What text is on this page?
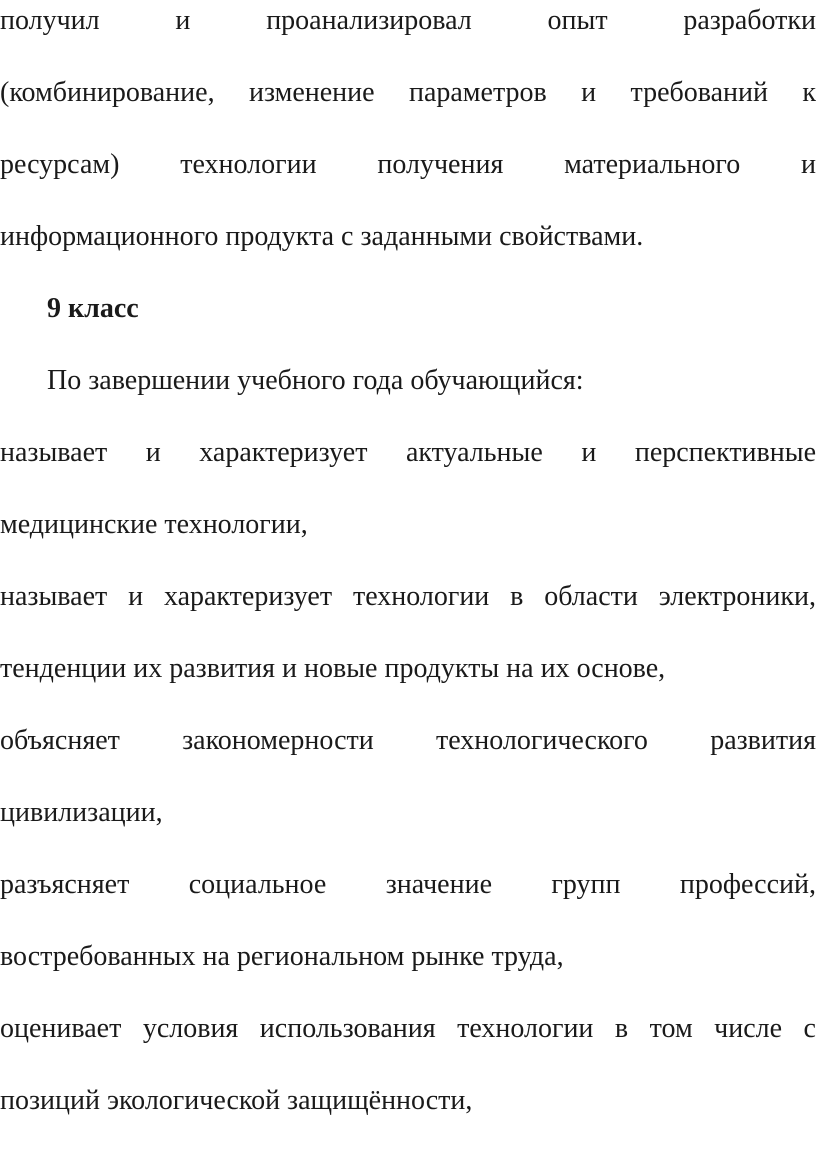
получил и проанализировал опыт разработки
(комбинирование, изменение параметров и требований к
ресурсам) технологии получения материального и
информационного продукта с заданными свойствами.
9 класс
По завершении учебного года обучающийся:
называет и характеризует актуальные и перспективные
медицинские технологии,
называет и характеризует технологии в области электроники,
тенденции их развития и новые продукты на их основе,
объясняет закономерности технологического развития
цивилизации,
разъясняет социальное значение групп профессий,
востребованных на региональном рынке труда,
оценивает условия использования технологии в том числе с
позиций экологической защищённости,
